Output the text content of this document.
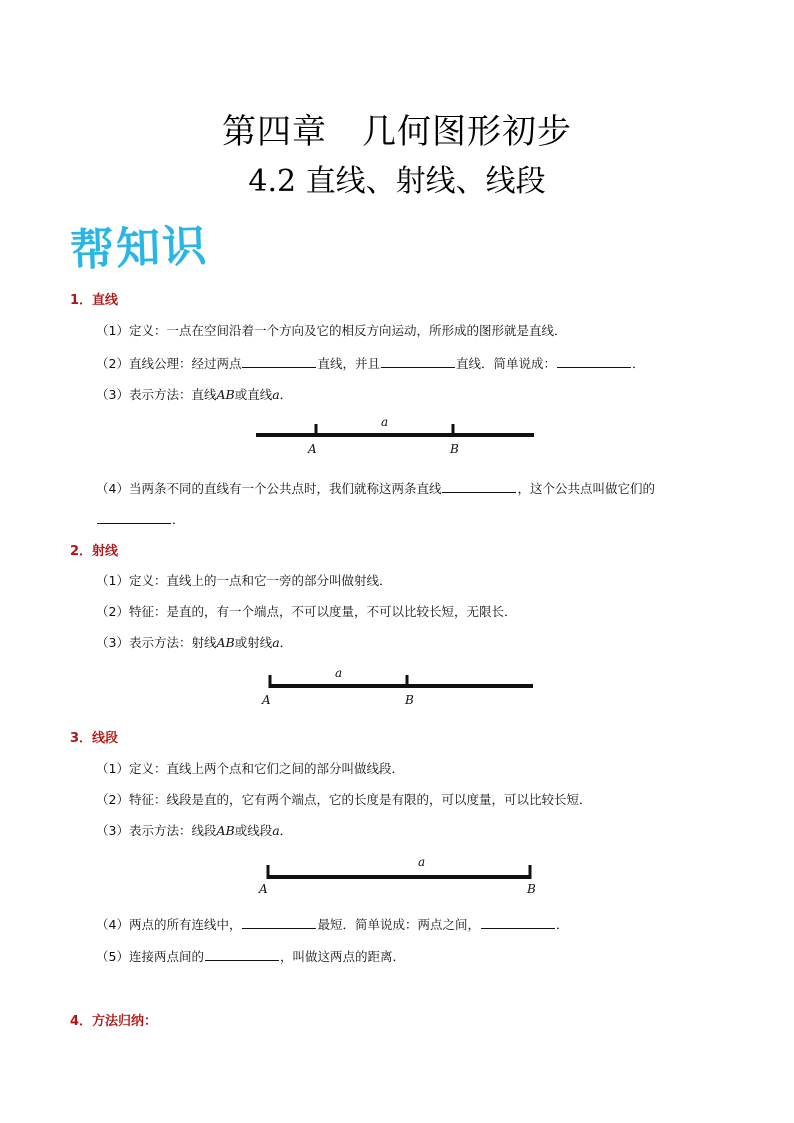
第四章　几何图形初步
4.2 直线、射线、线段
帮知识
1．直线
（1）定义：一点在空间沿着一个方向及它的相反方向运动，所形成的图形就是直线．
（2）直线公理：经过两点	直线，并且	直线．简单说成：	．
（3）表示方法：直线AB或直线a．
a
A	B
（4）当两条不同的直线有一个公共点时，我们就称这两条直线	，这个公共点叫做它们的
．
2．射线
（1）定义：直线上的一点和它一旁的部分叫做射线．
（2）特征：是直的，有一个端点，不可以度量，不可以比较长短，无限长．
（3）表示方法：射线AB或射线a．
a
A	B
3．线段
（1）定义：直线上两个点和它们之间的部分叫做线段．
（2）特征：线段是直的，它有两个端点，它的长度是有限的，可以度量，可以比较长短．
（3）表示方法：线段AB或线段a．
a
A	B
（4）两点的所有连线中，	最短．简单说成：两点之间，	．
（5）连接两点间的	，叫做这两点的距离．
4．方法归纳：
